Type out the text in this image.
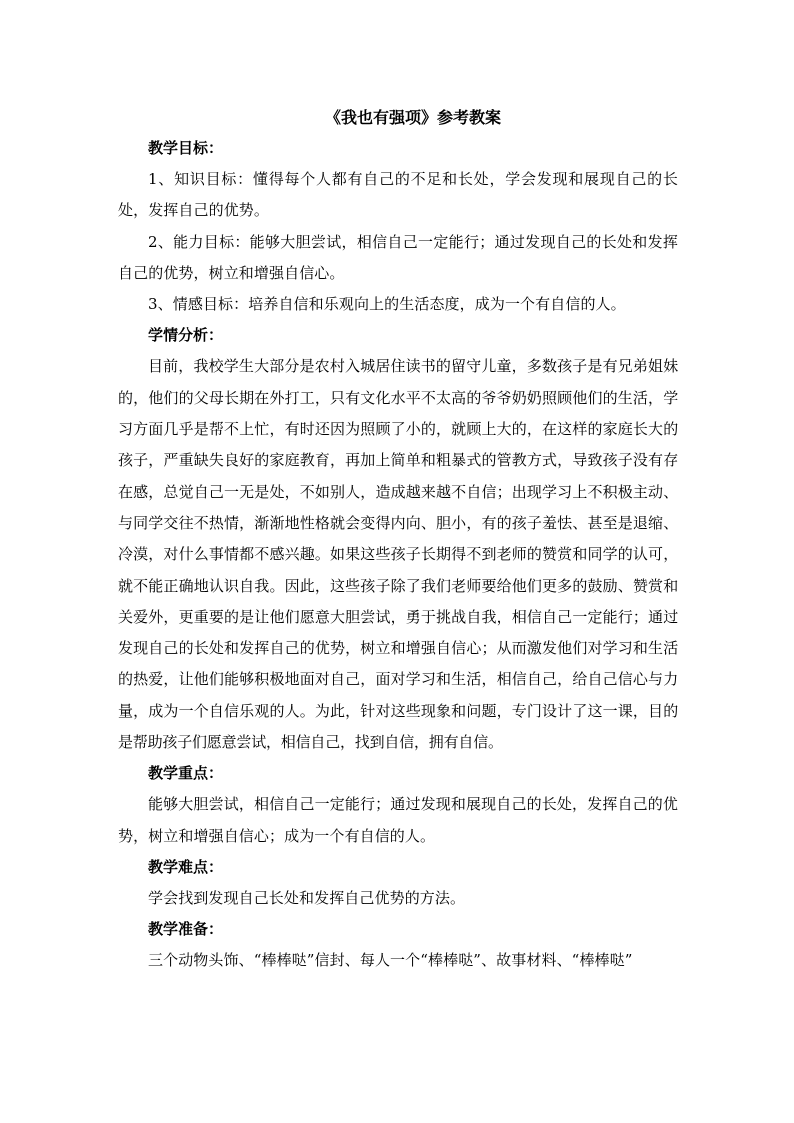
《我也有强项》参考教案

教学目标：

1、知识目标：懂得每个人都有自己的不足和长处，学会发现和展现自己的长处，发挥自己的优势。

2、能力目标：能够大胆尝试，相信自己一定能行；通过发现自己的长处和发挥自己的优势，树立和增强自信心。

3、情感目标：培养自信和乐观向上的生活态度，成为一个有自信的人。

学情分析：

目前，我校学生大部分是农村入城居住读书的留守儿童，多数孩子是有兄弟姐妹的，他们的父母长期在外打工，只有文化水平不太高的爷爷奶奶照顾他们的生活，学习方面几乎是帮不上忙，有时还因为照顾了小的，就顾上大的，在这样的家庭长大的孩子，严重缺失良好的家庭教育，再加上简单和粗暴式的管教方式，导致孩子没有存在感，总觉自己一无是处，不如别人，造成越来越不自信；出现学习上不积极主动、与同学交往不热情，渐渐地性格就会变得内向、胆小，有的孩子羞怯、甚至是退缩、冷漠，对什么事情都不感兴趣。如果这些孩子长期得不到老师的赞赏和同学的认可，就不能正确地认识自我。因此，这些孩子除了我们老师要给他们更多的鼓励、赞赏和关爱外，更重要的是让他们愿意大胆尝试，勇于挑战自我，相信自己一定能行；通过发现自己的长处和发挥自己的优势，树立和增强自信心；从而激发他们对学习和生活的热爱，让他们能够积极地面对自己，面对学习和生活，相信自己，给自己信心与力量，成为一个自信乐观的人。为此，针对这些现象和问题，专门设计了这一课，目的是帮助孩子们愿意尝试，相信自己，找到自信，拥有自信。

教学重点：

能够大胆尝试，相信自己一定能行；通过发现和展现自己的长处，发挥自己的优势，树立和增强自信心；成为一个有自信的人。

教学难点：

学会找到发现自己长处和发挥自己优势的方法。

教学准备：

三个动物头饰、“棒棒哒”信封、每人一个“棒棒哒”、故事材料、“棒棒哒”
